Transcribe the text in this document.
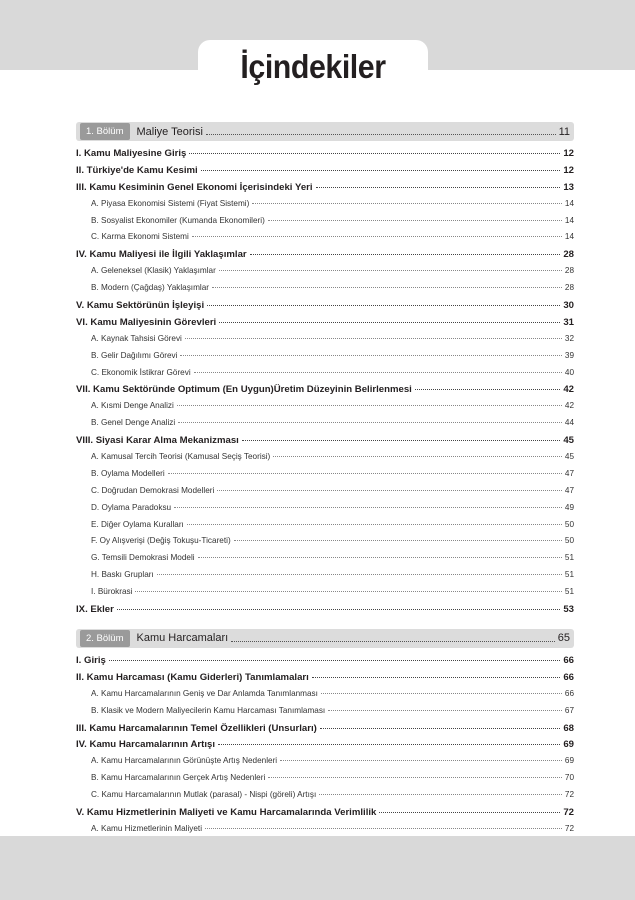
İçindekiler
1. Bölüm	Maliye Teorisi	11
I. Kamu Maliyesine Giriş	12
II. Türkiye'de Kamu Kesimi	12
III. Kamu Kesiminin Genel Ekonomi İçerisindeki Yeri	13
A. Piyasa Ekonomisi Sistemi (Fiyat Sistemi)	14
B. Sosyalist Ekonomiler (Kumanda Ekonomileri)	14
C. Karma Ekonomi Sistemi	14
IV. Kamu Maliyesi ile İlgili Yaklaşımlar	28
A. Geleneksel (Klasik) Yaklaşımlar	28
B. Modern (Çağdaş) Yaklaşımlar	28
V. Kamu Sektörünün İşleyişi	30
VI. Kamu Maliyesinin Görevleri	31
A. Kaynak Tahsisi Görevi	32
B. Gelir Dağılımı Görevi	39
C. Ekonomik İstikrar Görevi	40
VII. Kamu Sektöründe Optimum (En Uygun)Üretim Düzeyinin Belirlenmesi	42
A. Kısmi Denge Analizi	42
B. Genel Denge Analizi	44
VIII. Siyasi Karar Alma Mekanizması	45
A. Kamusal Tercih Teorisi (Kamusal Seçiş Teorisi)	45
B. Oylama Modelleri	47
C. Doğrudan Demokrasi Modelleri	47
D. Oylama Paradoksu	49
E. Diğer Oylama Kuralları	50
F. Oy Alışverişi (Değiş Tokuşu-Ticareti)	50
G. Temsili Demokrasi Modeli	51
H. Baskı Grupları	51
I. Bürokrasi	51
IX. Ekler	53
2. Bölüm	Kamu Harcamaları	65
I. Giriş	66
II. Kamu Harcaması (Kamu Giderleri) Tanımlamaları	66
A. Kamu Harcamalarının Geniş ve Dar Anlamda Tanımlanması	66
B. Klasik ve Modern Maliyecilerin Kamu Harcaması Tanımlaması	67
III. Kamu Harcamalarının Temel Özellikleri (Unsurları)	68
IV. Kamu Harcamalarının Artışı	69
A. Kamu Harcamalarının Görünüşte Artış Nedenleri	69
B. Kamu Harcamalarının Gerçek Artış Nedenleri	70
C. Kamu Harcamalarının Mutlak (parasal) - Nispi (göreli) Artışı	72
V. Kamu Hizmetlerinin Maliyeti ve Kamu Harcamalarında Verimlilik	72
A. Kamu Hizmetlerinin Maliyeti	72
